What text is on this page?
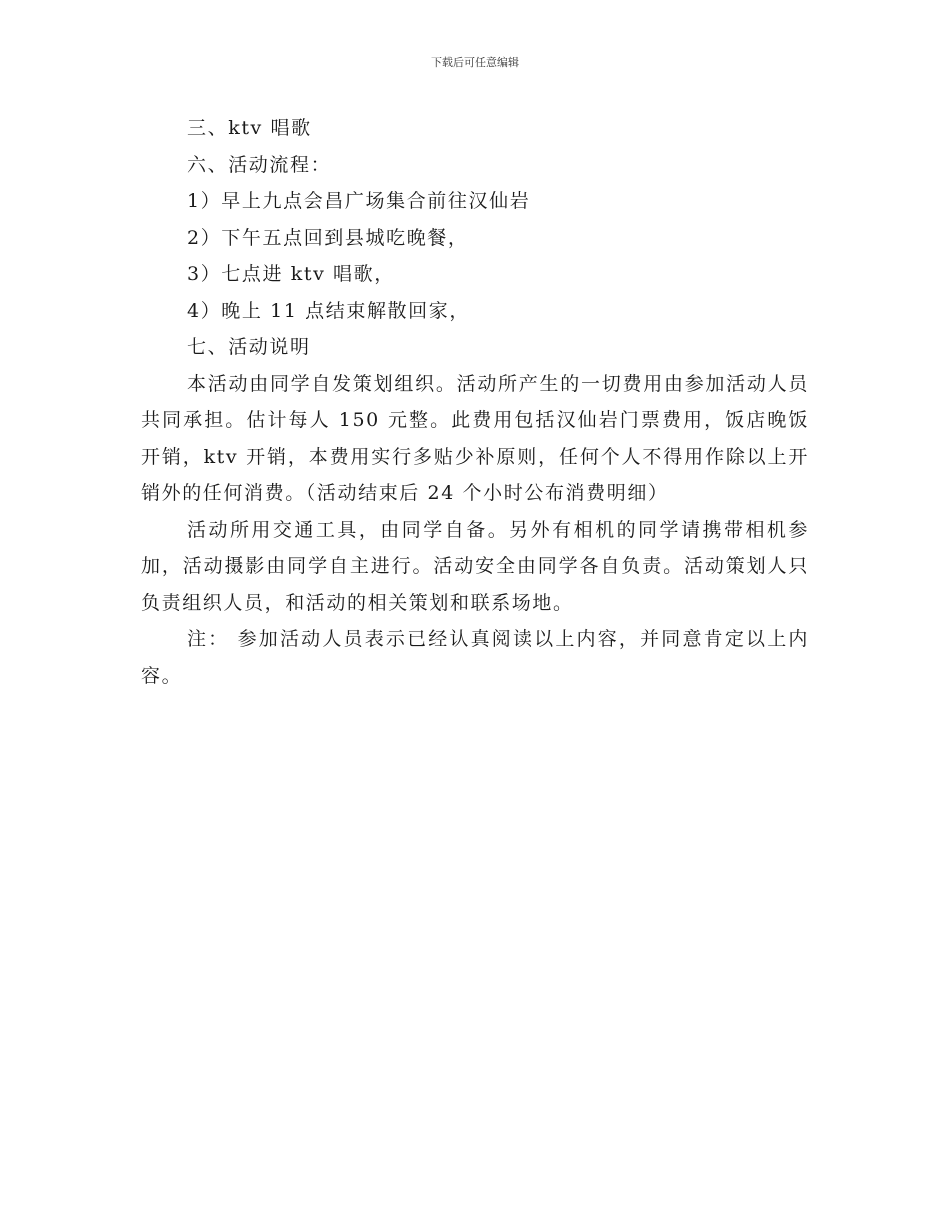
下载后可任意编辑

三、ktv 唱歌

六、活动流程：

1）早上九点会昌广场集合前往汉仙岩

2）下午五点回到县城吃晚餐，

3）七点进 ktv 唱歌，

4）晚上 11 点结束解散回家，

七、活动说明

本活动由同学自发策划组织。活动所产生的一切费用由参加活动人员共同承担。估计每人 150 元整。此费用包括汉仙岩门票费用，饭店晚饭开销，ktv 开销，本费用实行多贴少补原则，任何个人不得用作除以上开销外的任何消费。（活动结束后 24 个小时公布消费明细）

活动所用交通工具，由同学自备。另外有相机的同学请携带相机参加，活动摄影由同学自主进行。活动安全由同学各自负责。活动策划人只负责组织人员，和活动的相关策划和联系场地。

注： 参加活动人员表示已经认真阅读以上内容，并同意肯定以上内容。
